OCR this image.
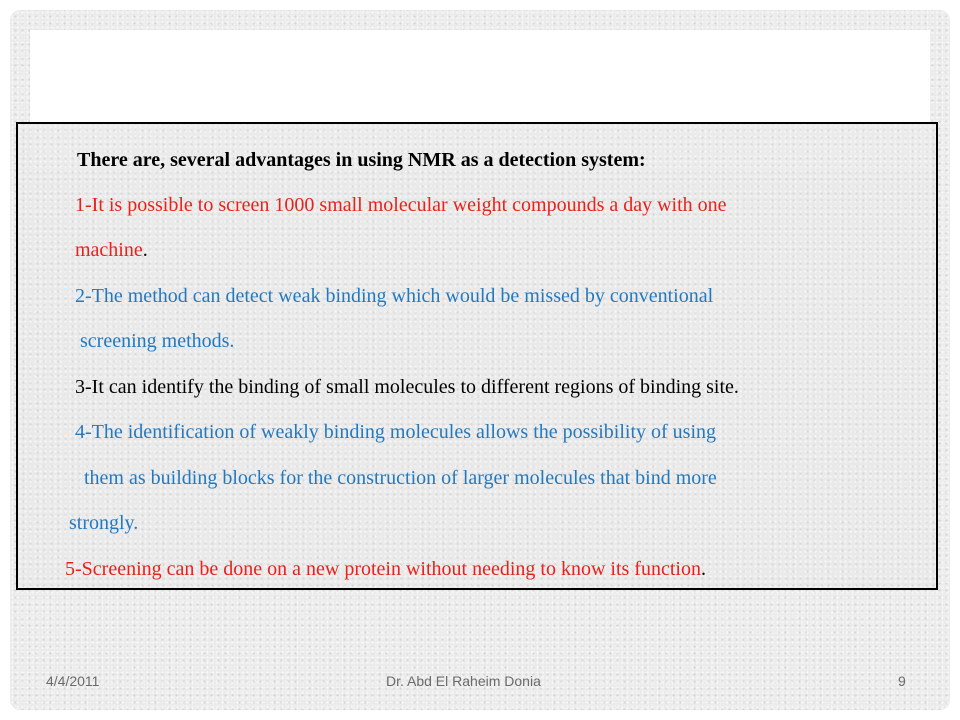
There are, several advantages in using NMR as a detection system:
1-It is possible to screen 1000 small molecular weight compounds a day with one
machine.
2-The method can detect weak binding which would be missed by conventional
screening methods.
3-It can identify the binding of small molecules to different regions of binding site.
4-The identification of weakly binding molecules allows the possibility of using
them as building blocks for the construction of larger molecules that bind more
strongly.
5-Screening can be done on a new protein without needing to know its function.
4/4/2011	Dr. Abd El Raheim Donia	9
